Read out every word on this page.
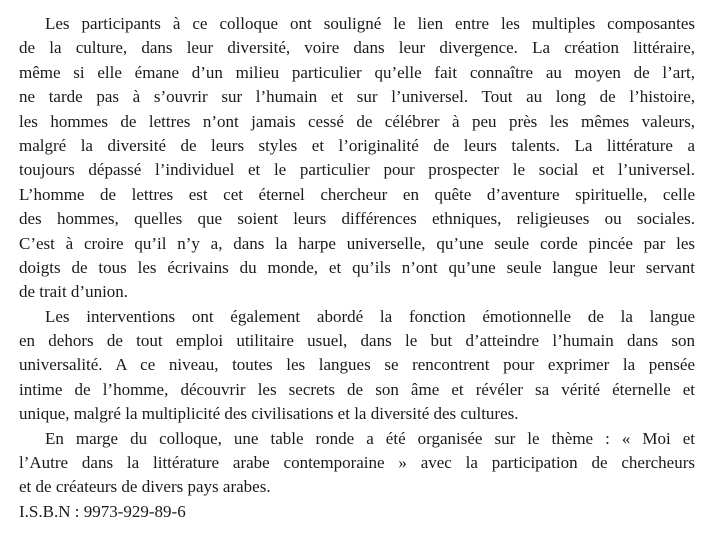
Les participants à ce colloque ont souligné le lien entre les multiples composantes
de la culture, dans leur diversité, voire dans leur divergence. La création littéraire,
même si elle émane d’un milieu particulier qu’elle fait connaître au moyen de l’art,
ne tarde pas à s’ouvrir sur l’humain et sur l’universel. Tout au long de l’histoire,
les hommes de lettres n’ont jamais cessé de célébrer à peu près les mêmes valeurs,
malgré la diversité de leurs styles et l’originalité de leurs talents. La littérature a
toujours dépassé l’individuel et le particulier pour prospecter le social et l’universel.
L’homme de lettres est cet éternel chercheur en quête d’aventure spirituelle, celle
des hommes, quelles que soient leurs différences ethniques, religieuses ou sociales.
C’est à croire qu’il n’y a, dans la harpe universelle, qu’une seule corde pincée par les
doigts de tous les écrivains du monde, et qu’ils n’ont qu’une seule langue leur servant
de trait d’union.
Les interventions ont également abordé la fonction émotionnelle de la langue
en dehors de tout emploi utilitaire usuel, dans le but d’atteindre l’humain dans son
universalité. A ce niveau, toutes les langues se rencontrent pour exprimer la pensée
intime de l’homme, découvrir les secrets de son âme et révéler sa vérité éternelle et
unique, malgré la multiplicité des civilisations et la diversité des cultures.
En marge du colloque, une table ronde a été organisée sur le thème : « Moi et
l’Autre dans la littérature arabe contemporaine » avec la participation de chercheurs
et de créateurs de divers pays arabes.
I.S.B.N : 9973-929-89-6
